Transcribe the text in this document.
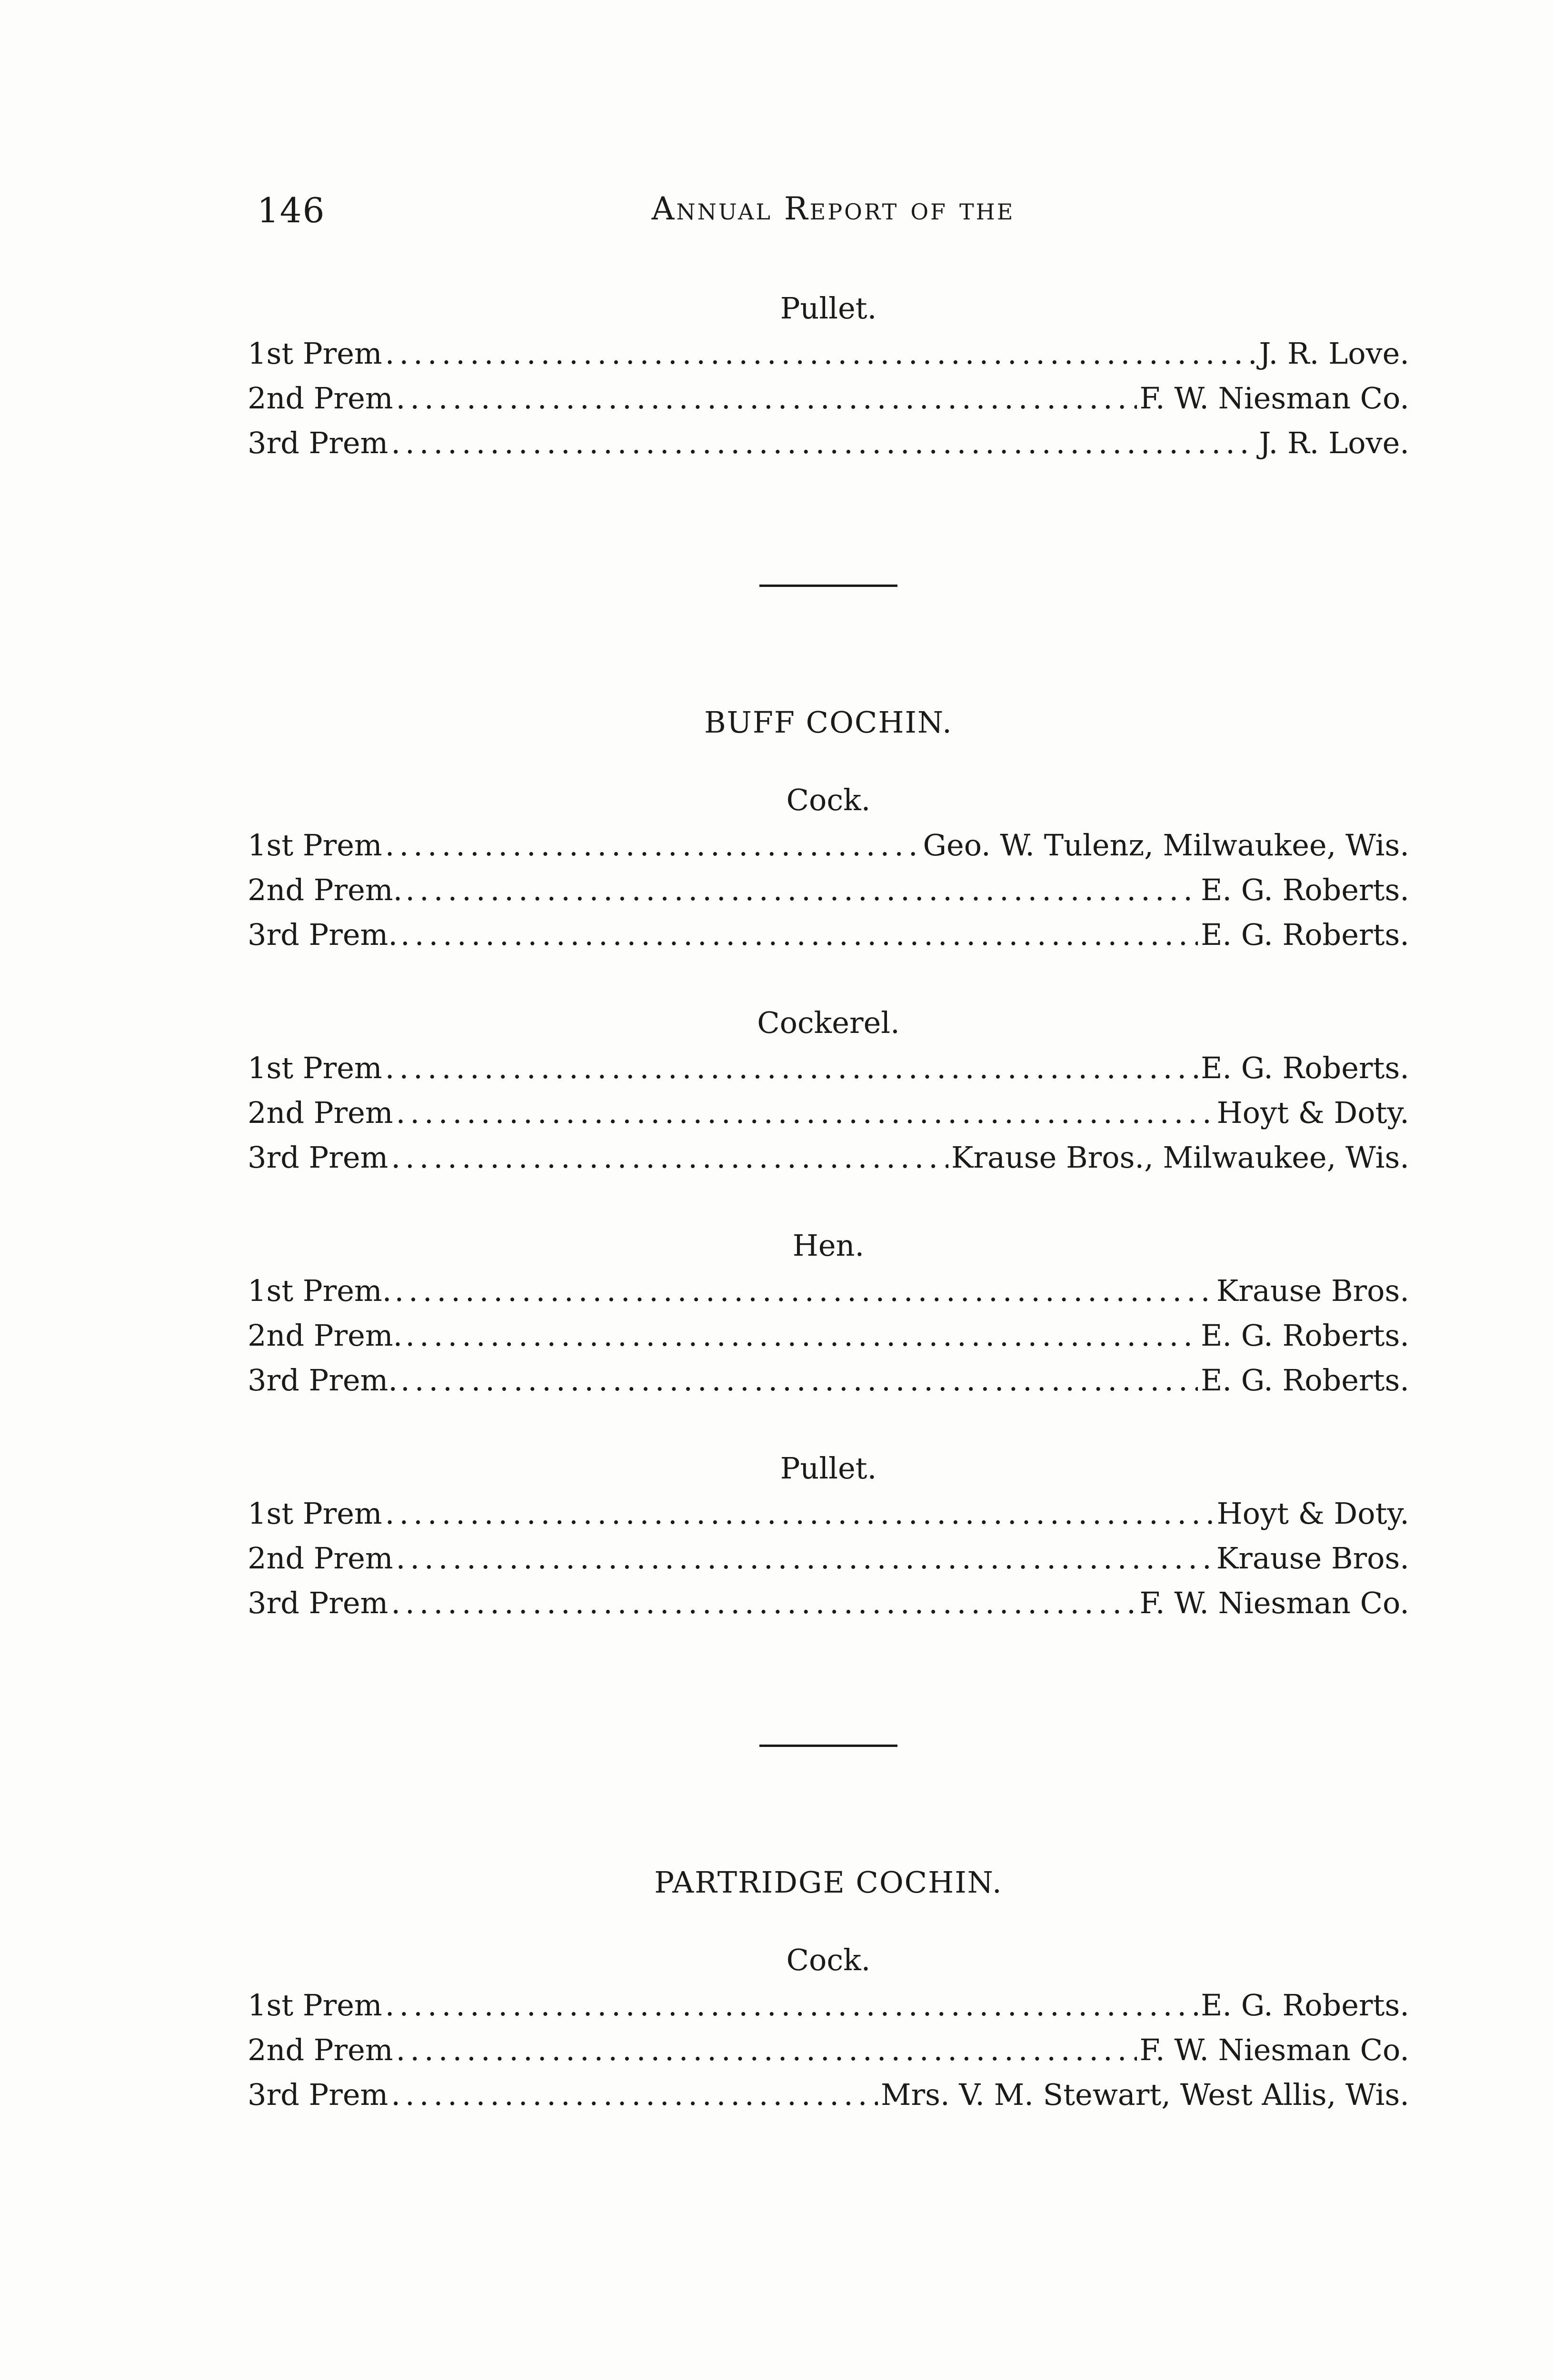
146	Annual Report of the
Pullet.
1st Prem .....	J. R. Love.
2nd Prem .....	F. W. Niesman Co.
3rd Prem .....	J. R. Love.
BUFF COCHIN.
Cock.
1st Prem .....	Geo. W. Tulenz, Milwaukee, Wis.
2nd Prem. .....	E. G. Roberts.
3rd Prem. .....	E. G. Roberts.
Cockerel.
1st Prem .....	E. G. Roberts.
2nd Prem .....	Hoyt & Doty.
3rd Prem .....	Krause Bros., Milwaukee, Wis.
Hen.
1st Prem. .....	Krause Bros.
2nd Prem. .....	E. G. Roberts.
3rd Prem. .....	E. G. Roberts.
Pullet.
1st Prem .....	Hoyt & Doty.
2nd Prem .....	Krause Bros.
3rd Prem .....	F. W. Niesman Co.
PARTRIDGE COCHIN.
Cock.
1st Prem .....	E. G. Roberts.
2nd Prem .....	F. W. Niesman Co.
3rd Prem .....	Mrs. V. M. Stewart, West Allis, Wis.
